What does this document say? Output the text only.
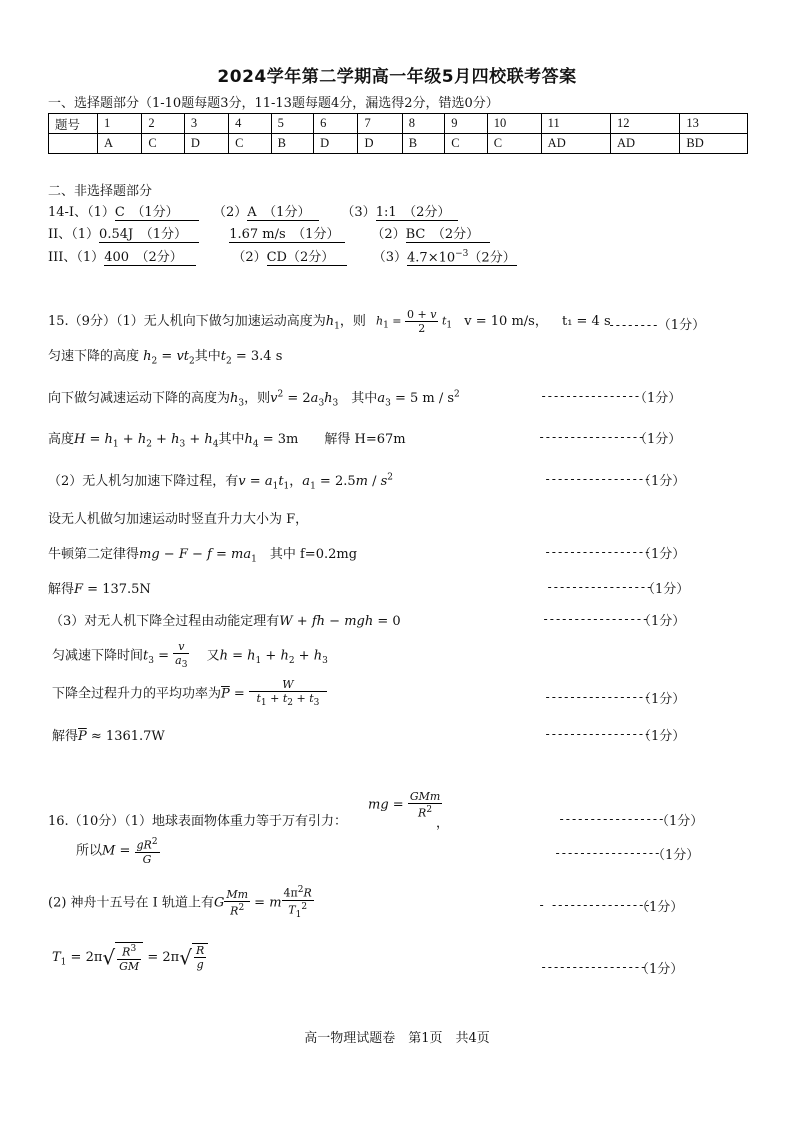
2024学年第二学期高一年级5月四校联考答案
一、选择题部分（1-10题每题3分，11-13题每题4分，漏选得2分，错选0分）
题号	1	2	3	4	5	6	7	8	9	10	11	12	13
	A	C	D	C	B	D	D	B	C	C	AD	AD	BD
二、非选择题部分
14-I、（1）C　 （1分）	（2）A　 （1分） （3）1:1　 （2分）
II、（1）0.54J　 （1分）	1.67 m/s　 （1分） （2）BC　 （2分）
III、（1）400　 （2分）	（2）CD（2分）	$(3)4.7\times 10^{-3}(2$分）
15.（9分）（1）无人机向下做匀加速运动高度为$h_1$，则 $h_1 = \frac{0 + v}{2} t_1$ v = 10 m/s， t₁ = 4 s
--------（1分）
匀速下降的高度 $h_2 = vt_2$其中$t_2 = 3.4$ s
向下做匀减速运动下降的高度为$h_3$，则$v^2 = 2a_3h_3$　 其中$a_3 = 5$ m / $s^2$	----------------
（1分）
高度$H = h_1 + h_2 + h_3 + h_4$其中$h_4 = 3m$　　解得 H=67m	-----------------
（1分）
（2）无人机匀加速下降过程，有$v = a_1t_1$，$a_1 = 2.5m / s^2$	-----------------
（1分）
设无人机做匀加速运动时竖直升力大小为 F，
牛顿第二定律得mg − $F - f = ma_1$　 其中 f=0.2mg	-----------------
（1分）
解得F = 137.5N	-----------------
（1分）
（3）对无人机下降全过程由动能定理有W + fh − mgh = 0	-----------------
（1分）
匀减速下降时间$t_3 = \frac{v}{a_3}$
　 又$h = h_1 + h_2 + h_3$
下降全过程升力的平均功率为$\overline{P} = \frac{W}{t_1 + t_2 + t_3}$	-----------------
（1分）
解得$\overline{P} \approx 1361.7W$	-----------------
（1分）
16.（10分）（1）地球表面物体重力等于万有引力：
mg = $\frac{\text{GMm}}{R^2}$
，	-----------------
（1分）
所以$M = \frac{gR^2}{G}$	-----------------
（1分）
(2) 神舟十五号在 I 轨道上有G $\frac{Mm}{R^2} = m \frac{4\pi^2R}{T_1^2}$	- ----------------
（1分）
$T_1 = 2\pi√ \frac{R^3}{GM} = 2\pi√ \frac{R}{g}$	-----------------
（1分）
高一物理试题卷　第1页　共4页
